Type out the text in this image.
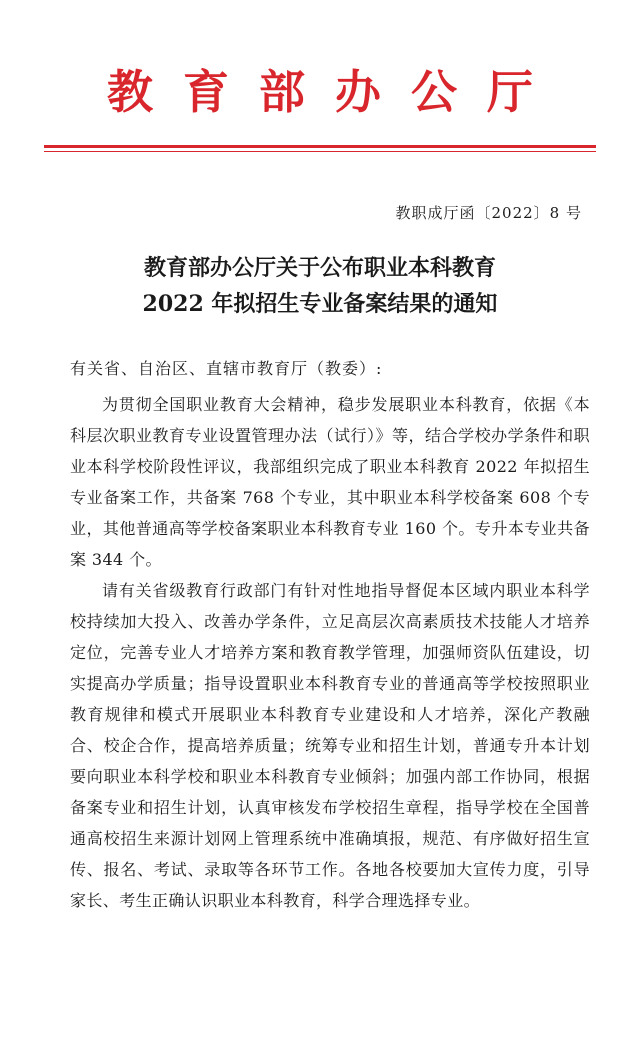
教育部办公厅
教职成厅函〔2022〕8 号
教育部办公厅关于公布职业本科教育
2022 年拟招生专业备案结果的通知
有关省、自治区、直辖市教育厅（教委）:

为贯彻全国职业教育大会精神，稳步发展职业本科教育，依据《本科层次职业教育专业设置管理办法（试行）》等，结合学校办学条件和职业本科学校阶段性评议，我部组织完成了职业本科教育 2022 年拟招生专业备案工作，共备案 768 个专业，其中职业本科学校备案 608 个专业，其他普通高等学校备案职业本科教育专业 160 个。专升本专业共备案 344 个。

请有关省级教育行政部门有针对性地指导督促本区域内职业本科学校持续加大投入、改善办学条件，立足高层次高素质技术技能人才培养定位，完善专业人才培养方案和教育教学管理，加强师资队伍建设，切实提高办学质量；指导设置职业本科教育专业的普通高等学校按照职业教育规律和模式开展职业本科教育专业建设和人才培养，深化产教融合、校企合作，提高培养质量；统筹专业和招生计划，普通专升本计划要向职业本科学校和职业本科教育专业倾斜；加强内部工作协同，根据备案专业和招生计划，认真审核发布学校招生章程，指导学校在全国普通高校招生来源计划网上管理系统中准确填报，规范、有序做好招生宣传、报名、考试、录取等各环节工作。各地各校要加大宣传力度，引导家长、考生正确认识职业本科教育，科学合理选择专业。
